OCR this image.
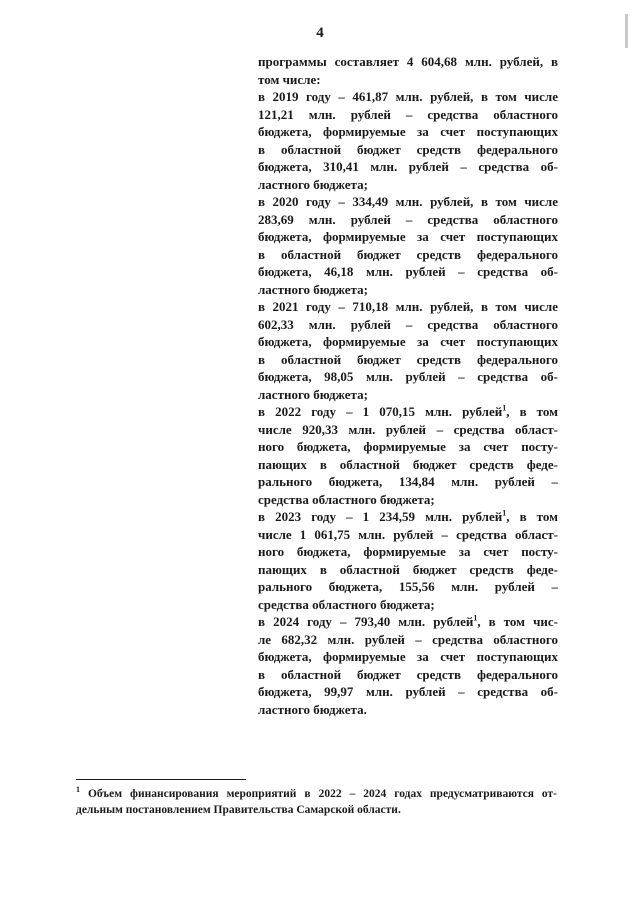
4
программы составляет 4 604,68 млн. рублей, в
том числе:
в 2019 году – 461,87 млн. рублей, в том числе
121,21 млн. рублей – средства областного
бюджета, формируемые за счет поступающих
в областной бюджет средств федерального
бюджета, 310,41 млн. рублей – средства об-
ластного бюджета;
в 2020 году – 334,49 млн. рублей, в том числе
283,69 млн. рублей – средства областного
бюджета, формируемые за счет поступающих
в областной бюджет средств федерального
бюджета, 46,18 млн. рублей – средства об-
ластного бюджета;
в 2021 году – 710,18 млн. рублей, в том числе
602,33 млн. рублей – средства областного
бюджета, формируемые за счет поступающих
в областной бюджет средств федерального
бюджета, 98,05 млн. рублей – средства об-
ластного бюджета;
в 2022 году – 1 070,15 млн. рублей$^1$, в том
числе 920,33 млн. рублей – средства област-
ного бюджета, формируемые за счет посту-
пающих в областной бюджет средств феде-
рального бюджета, 134,84 млн. рублей –
средства областного бюджета;
в 2023 году – 1 234,59 млн. рублей$^1$, в том
числе 1 061,75 млн. рублей – средства област-
ного бюджета, формируемые за счет посту-
пающих в областной бюджет средств феде-
рального бюджета, 155,56 млн. рублей –
средства областного бюджета;
в 2024 году – 793,40 млн. рублей$^1$, в том чис-
ле 682,32 млн. рублей – средства областного
бюджета, формируемые за счет поступающих
в областной бюджет средств федерального
бюджета, 99,97 млн. рублей – средства об-
ластного бюджета.
$^1$ Объем финансирования мероприятий в 2022 – 2024 годах предусматриваются от-
дельным постановлением Правительства Самарской области.
